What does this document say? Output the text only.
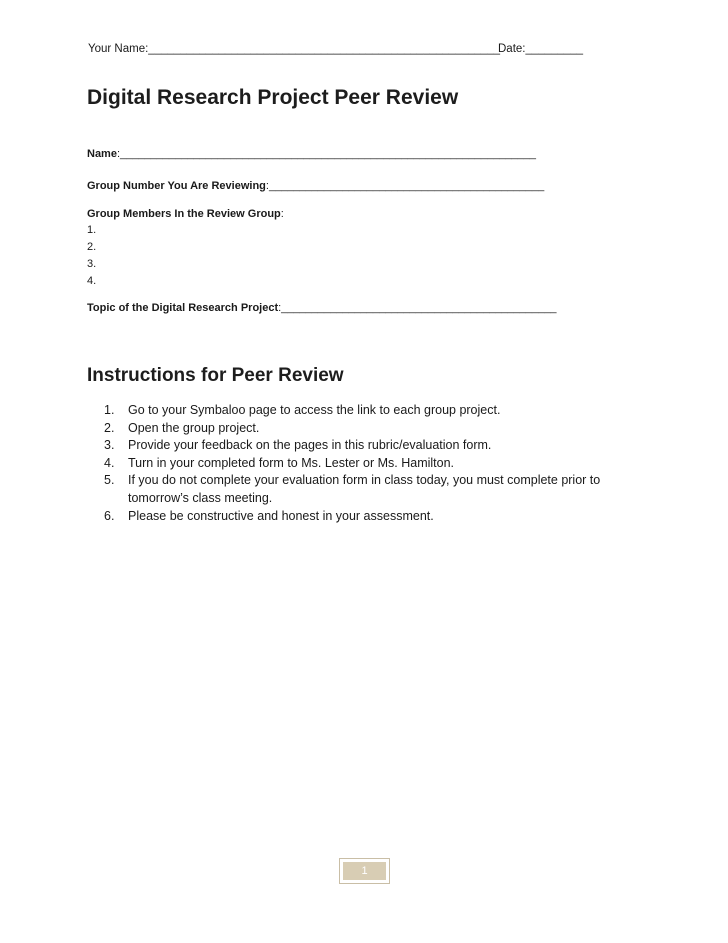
Your Name:_______________________________________________________
Date:_________
Digital Research Project Peer Review
Name:____________________________________________________________________
Group Number You Are Reviewing:_____________________________________________
Group Members In the Review Group:
1.
2.
3.
4.
Topic of the Digital Research Project:_____________________________________________
Instructions for Peer Review
1.	Go to your Symbaloo page to access the link to each group project.
2.	Open the group project.
3.	Provide your feedback on the pages in this rubric/evaluation form.
4.	Turn in your completed form to Ms. Lester or Ms. Hamilton.
5.	If you do not complete your evaluation form in class today, you must complete prior to tomorrow’s class meeting.
6.	Please be constructive and honest in your assessment.
1
